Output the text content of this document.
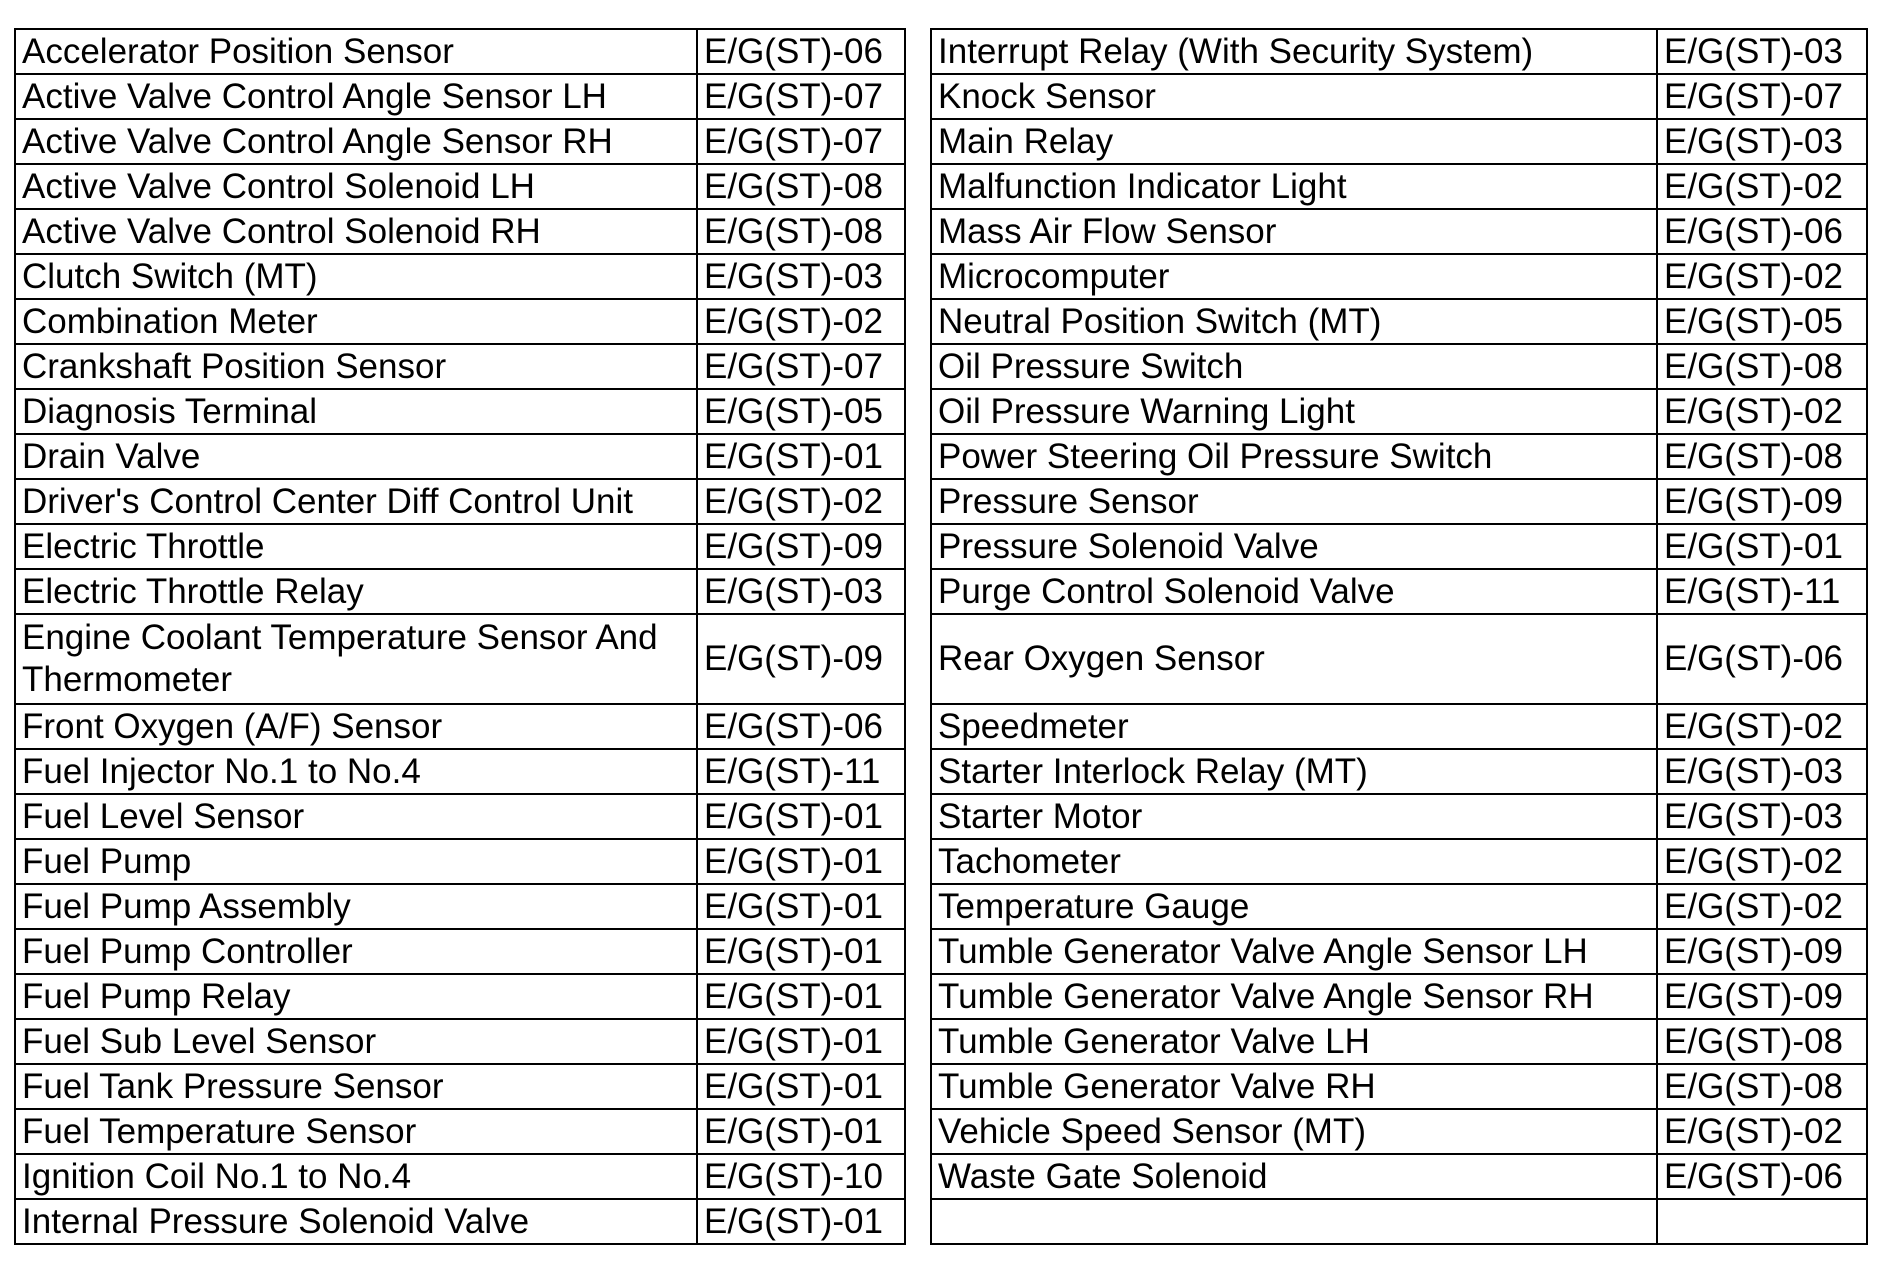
Accelerator Position Sensor	E/G(ST)-06		Interrupt Relay (With Security System)	E/G(ST)-03
Active Valve Control Angle Sensor LH	E/G(ST)-07		Knock Sensor	E/G(ST)-07
Active Valve Control Angle Sensor RH	E/G(ST)-07		Main Relay	E/G(ST)-03
Active Valve Control Solenoid LH	E/G(ST)-08		Malfunction Indicator Light	E/G(ST)-02
Active Valve Control Solenoid RH	E/G(ST)-08		Mass Air Flow Sensor	E/G(ST)-06
Clutch Switch (MT)	E/G(ST)-03		Microcomputer	E/G(ST)-02
Combination Meter	E/G(ST)-02		Neutral Position Switch (MT)	E/G(ST)-05
Crankshaft Position Sensor	E/G(ST)-07		Oil Pressure Switch	E/G(ST)-08
Diagnosis Terminal	E/G(ST)-05		Oil Pressure Warning Light	E/G(ST)-02
Drain Valve	E/G(ST)-01		Power Steering Oil Pressure Switch	E/G(ST)-08
Driver's Control Center Diff Control Unit	E/G(ST)-02		Pressure Sensor	E/G(ST)-09
Electric Throttle	E/G(ST)-09		Pressure Solenoid Valve	E/G(ST)-01
Electric Throttle Relay	E/G(ST)-03		Purge Control Solenoid Valve	E/G(ST)-11
Engine Coolant Temperature Sensor And Thermometer	E/G(ST)-09		Rear Oxygen Sensor	E/G(ST)-06
Front Oxygen (A/F) Sensor	E/G(ST)-06		Speedmeter	E/G(ST)-02
Fuel Injector No.1 to No.4	E/G(ST)-11		Starter Interlock Relay (MT)	E/G(ST)-03
Fuel Level Sensor	E/G(ST)-01		Starter Motor	E/G(ST)-03
Fuel Pump	E/G(ST)-01		Tachometer	E/G(ST)-02
Fuel Pump Assembly	E/G(ST)-01		Temperature Gauge	E/G(ST)-02
Fuel Pump Controller	E/G(ST)-01		Tumble Generator Valve Angle Sensor LH	E/G(ST)-09
Fuel Pump Relay	E/G(ST)-01		Tumble Generator Valve Angle Sensor RH	E/G(ST)-09
Fuel Sub Level Sensor	E/G(ST)-01		Tumble Generator Valve LH	E/G(ST)-08
Fuel Tank Pressure Sensor	E/G(ST)-01		Tumble Generator Valve RH	E/G(ST)-08
Fuel Temperature Sensor	E/G(ST)-01		Vehicle Speed Sensor (MT)	E/G(ST)-02
Ignition Coil No.1 to No.4	E/G(ST)-10		Waste Gate Solenoid	E/G(ST)-06
Internal Pressure Solenoid Valve	E/G(ST)-01			
